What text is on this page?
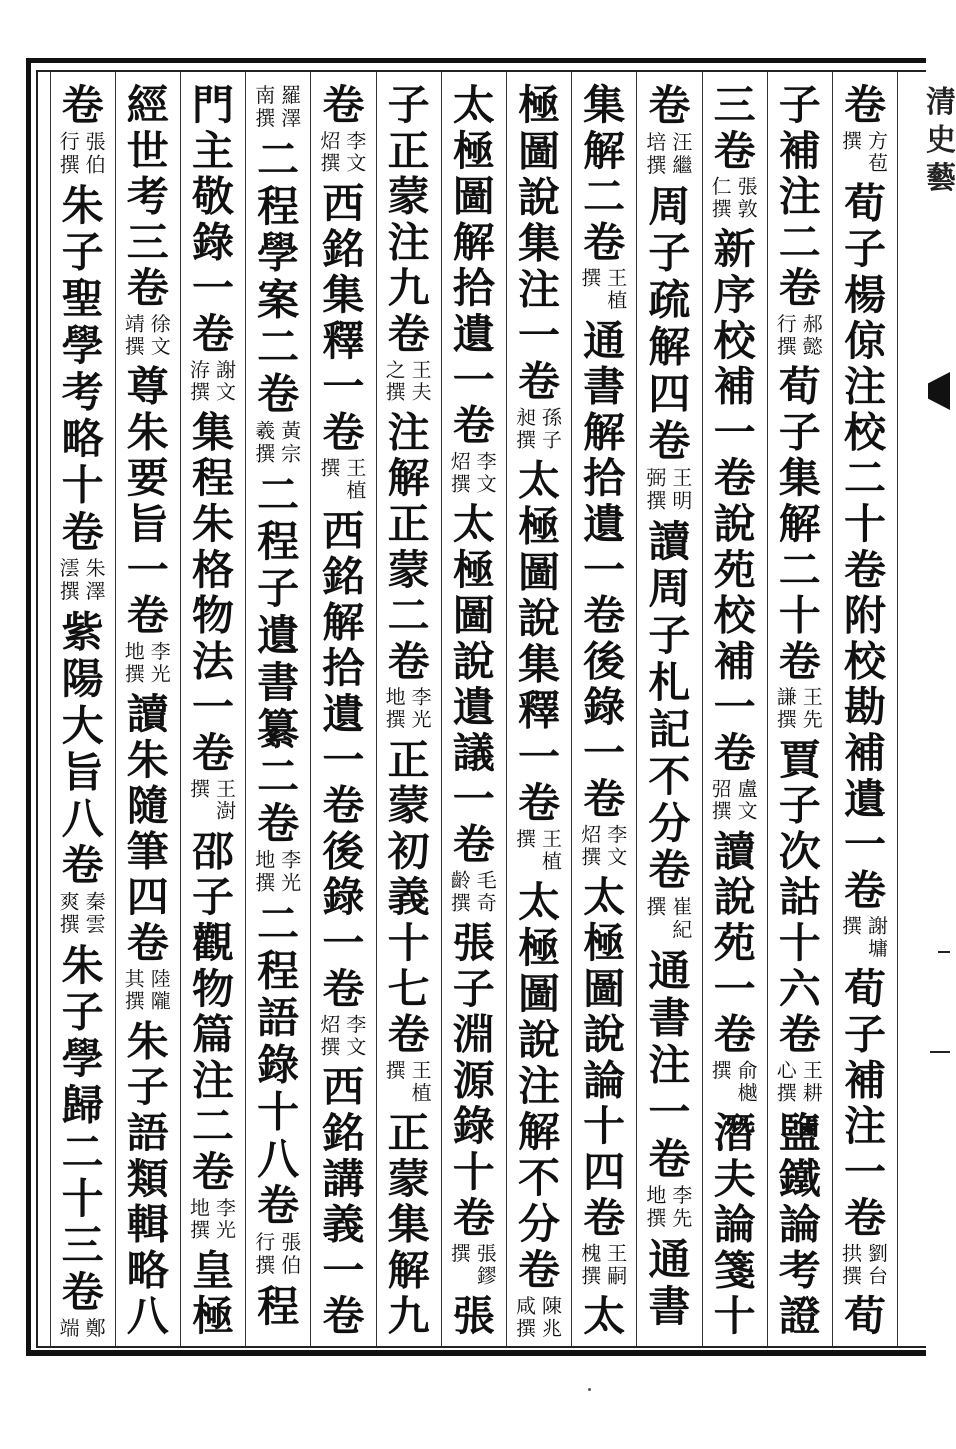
卷
方
苞
撰
荀
子
楊
倞
注
校
二
十
卷
附
校
勘
補
遺
一
卷
謝
墉
撰
荀
子
補
注
一
卷
劉
台
拱
撰
荀
子
補
注
二
卷
郝
懿
行
撰
荀
子
集
解
二
十
卷
王
先
謙
撰
賈
子
次
詁
十
六
卷
王
耕
心
撰
鹽
鐵
論
考
證
三
卷
張
敦
仁
撰
新
序
校
補
一
卷
說
苑
校
補
一
卷
盧
文
弨
撰
讀
說
苑
一
卷
俞
樾
撰
潛
夫
論
箋
十
卷
汪
繼
培
撰
周
子
疏
解
四
卷
王
明
弼
撰
讀
周
子
札
記
不
分
卷
崔
紀
撰
通
書
注
一
卷
李
先
地
撰
通
書
集
解
二
卷
王
植
撰
通
書
解
拾
遺
一
卷
後
錄
一
卷
李
文
炤
撰
太
極
圖
說
論
十
四
卷
王
嗣
槐
撰
太
極
圖
說
集
注
一
卷
孫
子
昶
撰
太
極
圖
說
集
釋
一
卷
王
植
撰
太
極
圖
說
注
解
不
分
卷
陳
兆
咸
撰
太
極
圖
解
拾
遺
一
卷
李
文
炤
撰
太
極
圖
說
遺
議
一
卷
毛
奇
齡
撰
張
子
淵
源
錄
十
卷
張
鏐
撰
張
子
正
蒙
注
九
卷
王
夫
之
撰
注
解
正
蒙
二
卷
李
光
地
撰
正
蒙
初
義
十
七
卷
王
植
撰
正
蒙
集
解
九
卷
李
文
炤
撰
西
銘
集
釋
一
卷
王
植
撰
西
銘
解
拾
遺
一
卷
後
錄
一
卷
李
文
炤
撰
西
銘
講
義
一
卷
羅
澤
南
撰
二
程
學
案
二
卷
黃
宗
羲
撰
二
程
子
遺
書
纂
二
卷
李
光
地
撰
二
程
語
錄
十
八
卷
張
伯
行
撰
程
門
主
敬
錄
一
卷
謝
文
洊
撰
集
程
朱
格
物
法
一
卷
王
澍
撰
邵
子
觀
物
篇
注
二
卷
李
光
地
撰
皇
極
經
世
考
三
卷
徐
文
靖
撰
尊
朱
要
旨
一
卷
李
光
地
撰
讀
朱
隨
筆
四
卷
陸
隴
其
撰
朱
子
語
類
輯
略
八
卷
張
伯
行
撰
朱
子
聖
學
考
略
十
卷
朱
澤
澐
撰
紫
陽
大
旨
八
卷
秦
雲
爽
撰
朱
子
學
歸
二
十
三
卷
鄭
端
清史藝
